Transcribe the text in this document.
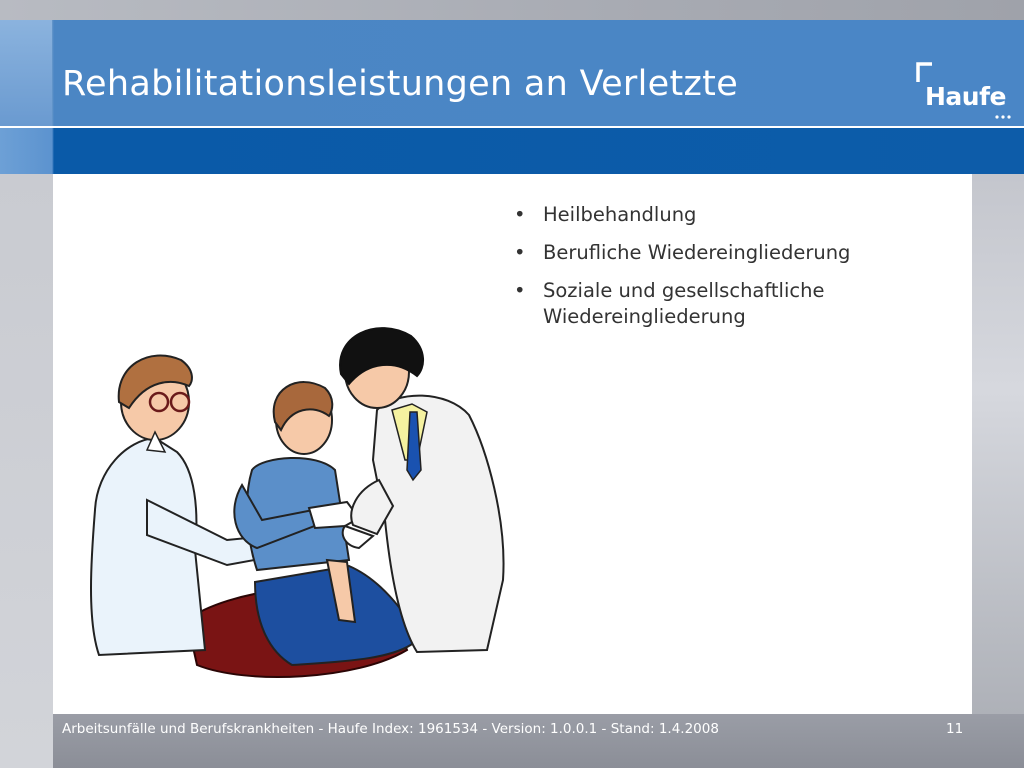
Rehabilitationsleistungen an Verletzte	Haufe
• Heilbehandlung
• Berufliche Wiedereingliederung
• Soziale und gesellschaftliche Wiedereingliederung
Arbeitsunfälle und Berufskrankheiten - Haufe Index: 1961534 - Version: 1.0.0.1 - Stand: 1.4.2008	11
